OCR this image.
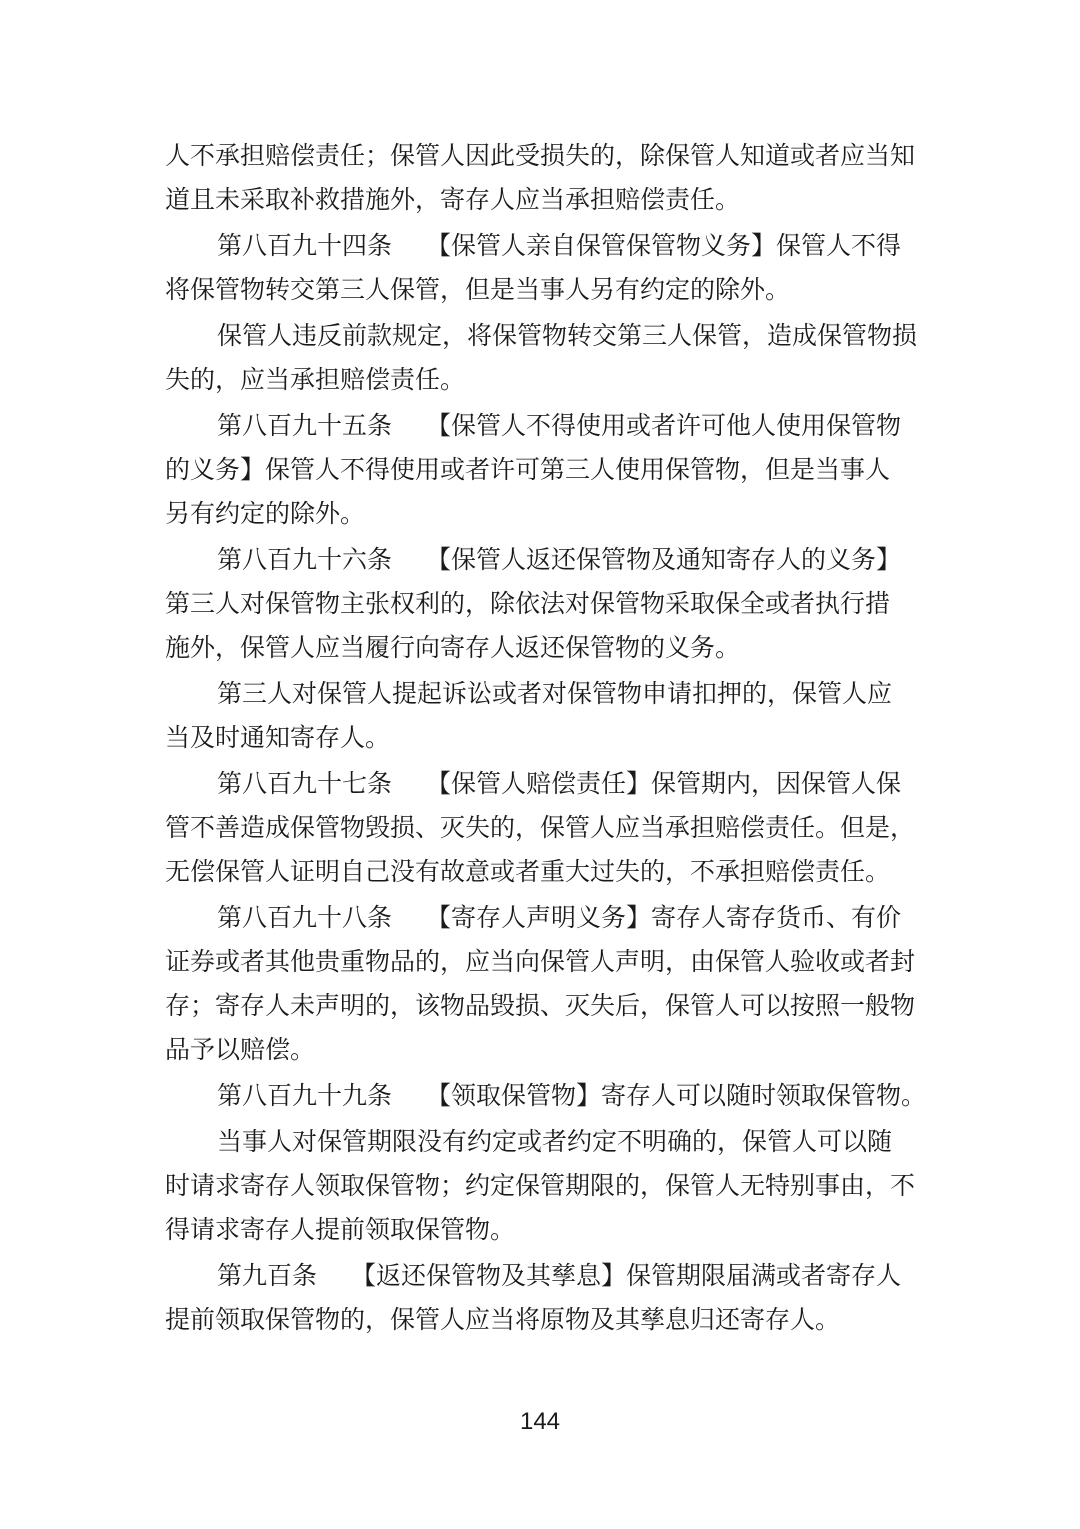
人不承担赔偿责任；保管人因此受损失的，除保管人知道或者应当知
道且未采取补救措施外，寄存人应当承担赔偿责任。
第八百九十四条 【保管人亲自保管保管物义务】保管人不得
将保管物转交第三人保管，但是当事人另有约定的除外。
保管人违反前款规定，将保管物转交第三人保管，造成保管物损
失的，应当承担赔偿责任。
第八百九十五条 【保管人不得使用或者许可他人使用保管物
的义务】保管人不得使用或者许可第三人使用保管物，但是当事人
另有约定的除外。
第八百九十六条 【保管人返还保管物及通知寄存人的义务】
第三人对保管物主张权利的，除依法对保管物采取保全或者执行措
施外，保管人应当履行向寄存人返还保管物的义务。
第三人对保管人提起诉讼或者对保管物申请扣押的，保管人应
当及时通知寄存人。
第八百九十七条 【保管人赔偿责任】保管期内，因保管人保
管不善造成保管物毁损、灭失的，保管人应当承担赔偿责任。但是，
无偿保管人证明自己没有故意或者重大过失的，不承担赔偿责任。
第八百九十八条 【寄存人声明义务】寄存人寄存货币、有价
证券或者其他贵重物品的，应当向保管人声明，由保管人验收或者封
存；寄存人未声明的，该物品毁损、灭失后，保管人可以按照一般物
品予以赔偿。
第八百九十九条 【领取保管物】寄存人可以随时领取保管物。
当事人对保管期限没有约定或者约定不明确的，保管人可以随
时请求寄存人领取保管物；约定保管期限的，保管人无特别事由，不
得请求寄存人提前领取保管物。
第九百条 【返还保管物及其孳息】保管期限届满或者寄存人
提前领取保管物的，保管人应当将原物及其孳息归还寄存人。
144
